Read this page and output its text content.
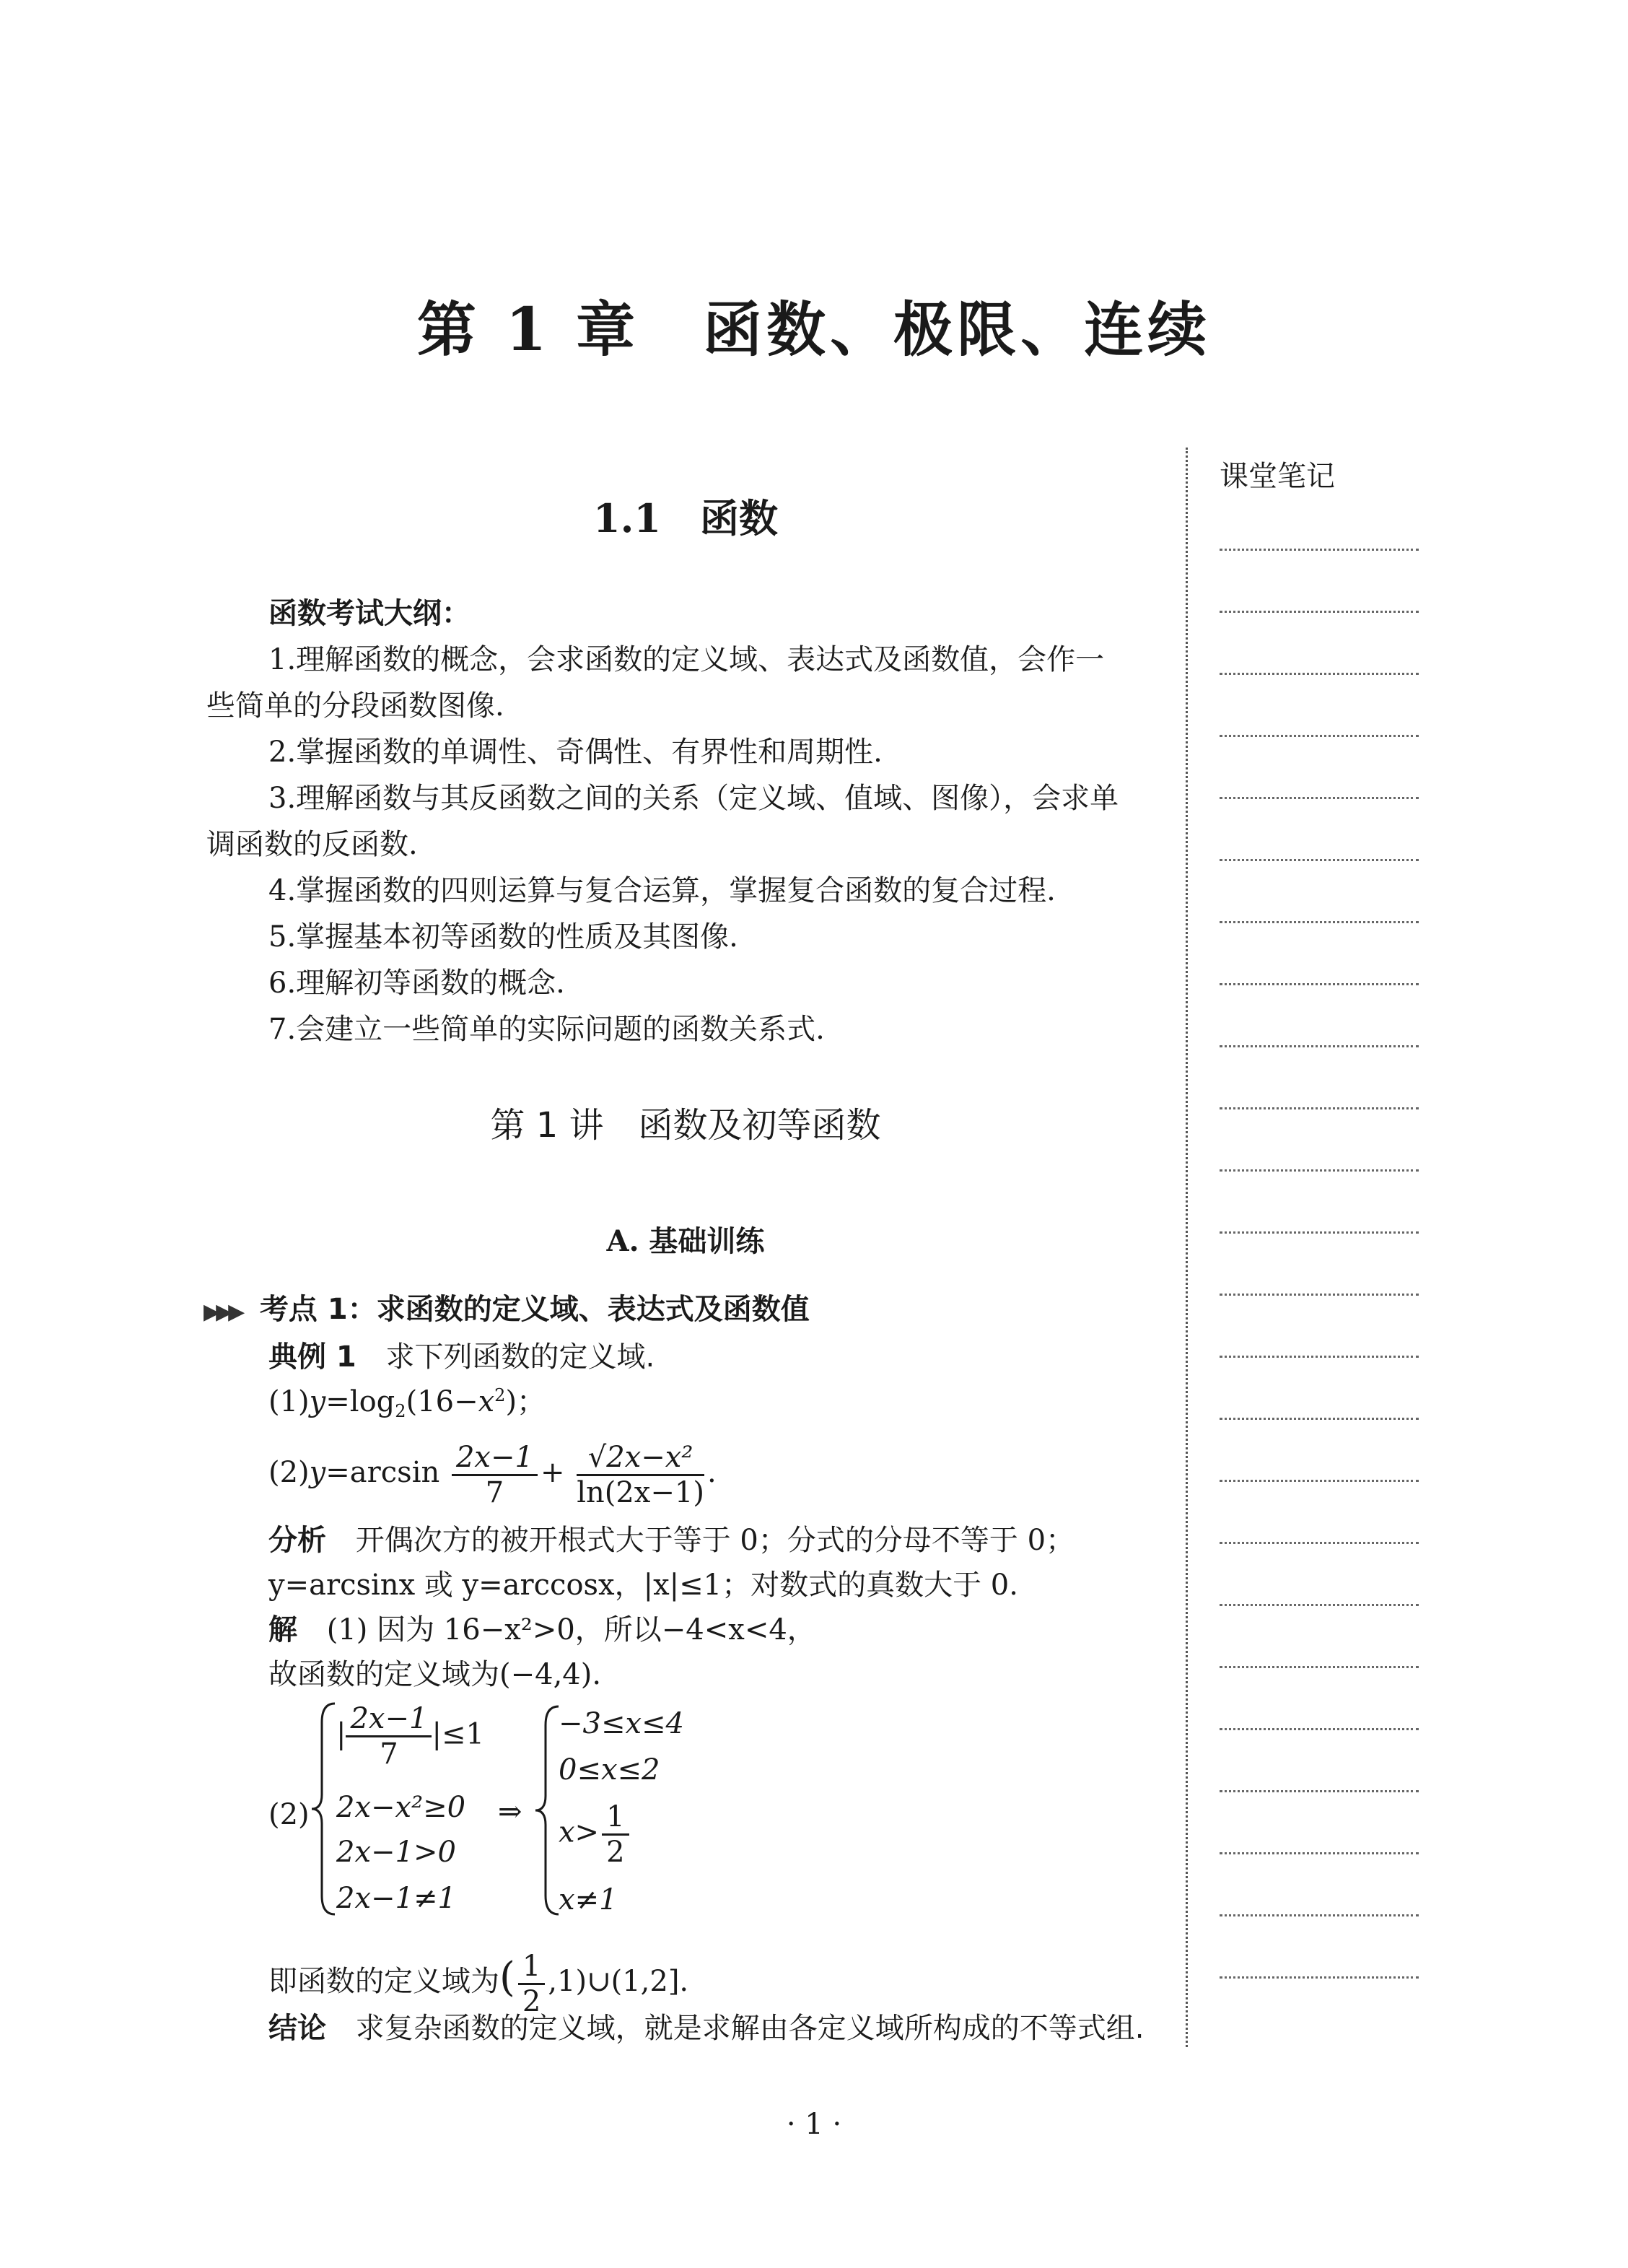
第 1 章　函数、极限、连续
1.1　函数
课堂笔记
函数考试大纲：
1.理解函数的概念，会求函数的定义域、表达式及函数值，会作一
些简单的分段函数图像.
2.掌握函数的单调性、奇偶性、有界性和周期性.
3.理解函数与其反函数之间的关系（定义域、值域、图像），会求单
调函数的反函数.
4.掌握函数的四则运算与复合运算，掌握复合函数的复合过程.
5.掌握基本初等函数的性质及其图像.
6.理解初等函数的概念.
7.会建立一些简单的实际问题的函数关系式.
第 1 讲　函数及初等函数
A. 基础训练
▶▶▶ 考点 1：求函数的定义域、表达式及函数值
典例 1 求下列函数的定义域.
$(1)y=\log_2(16-x^2)$；
$(2)y=\arcsin \frac{2x-1}{7} + \frac{\text{√2x−x²}}{\ln(2x-1)}$ .
分析 开偶次方的被开根式大于等于 0；分式的分母不等于 0；
y=arcsinx 或 y=arccosx，|x|≤1；对数式的真数大于 0.
解 (1) 因为 16−x²>0，所以−4<x<4，
故函数的定义域为(−4,4).
(2)
| $\frac{2x-1}{7} |\le 1$
2x−x²≥0
2x−1>0
2x−1≠1
⇒
−3≤x≤4
0≤x≤2
$x> \frac{1}{2}$
x≠1
即函数的定义域为( $\frac{1}{2}$ ,1)∪(1,2].
结论 求复杂函数的定义域，就是求解由各定义域所构成的不等式组.
· 1 ·
